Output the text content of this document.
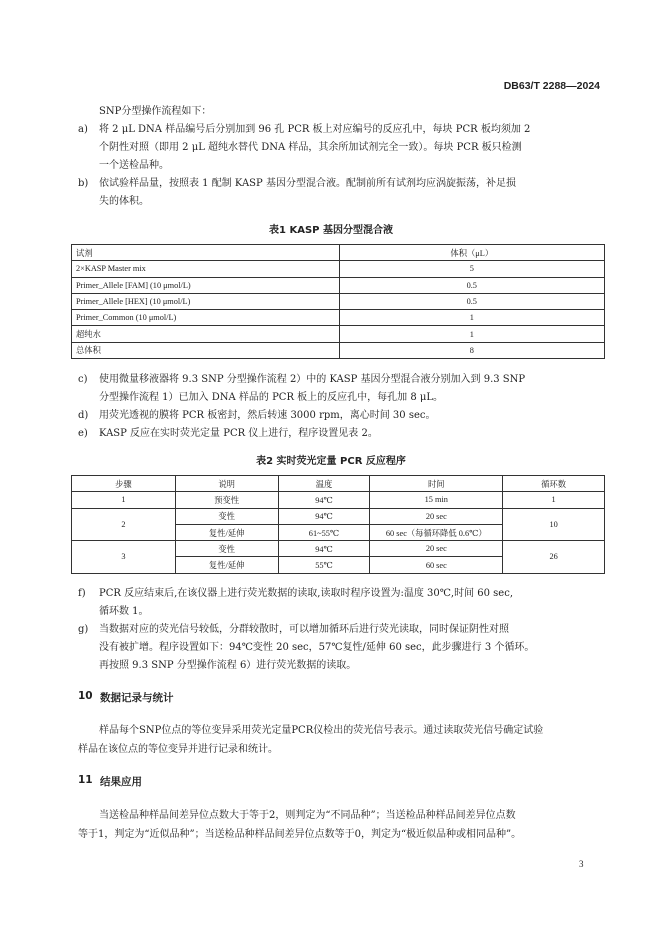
DB63/T 2288—2024
SNP分型操作流程如下：
a) 将 2 μL DNA 样品编号后分别加到 96 孔 PCR 板上对应编号的反应孔中，每块 PCR 板均须加 2
个阴性对照（即用 2 μL 超纯水替代 DNA 样品，其余所加试剂完全一致）。每块 PCR 板只检测
一个送检品种。
b) 依试验样品量，按照表 1 配制 KASP 基因分型混合液。配制前所有试剂均应涡旋振荡，补足损
失的体积。
表1 KASP 基因分型混合液
试剂	体积（μL）
2×KASP Master mix	5
Primer_Allele [FAM] (10 μmol/L)	0.5
Primer_Allele [HEX] (10 μmol/L)	0.5
Primer_Common (10 μmol/L)	1
超纯水	1
总体积	8
c) 使用微量移液器将 9.3 SNP 分型操作流程 2）中的 KASP 基因分型混合液分别加入到 9.3 SNP
分型操作流程 1）已加入 DNA 样品的 PCR 板上的反应孔中，每孔加 8 μL。
d) 用荧光透视的膜将 PCR 板密封，然后转速 3000 rpm，离心时间 30 sec。
e) KASP 反应在实时荧光定量 PCR 仪上进行，程序设置见表 2。
表2 实时荧光定量 PCR 反应程序
步骤	说明	温度	时间	循环数
1	预变性	94℃	15 min	1
2	变性	94℃	20 sec	10
	复性/延伸	61~55℃	60 sec（每循环降低 0.6℃）	
3	变性	94℃	20 sec	26
	复性/延伸	55℃	60 sec	
f) PCR 反应结束后,在该仪器上进行荧光数据的读取,读取时程序设置为:温度 30℃,时间 60 sec,
循环数 1。
g) 当数据对应的荧光信号较低，分群较散时，可以增加循环后进行荧光读取，同时保证阴性对照
没有被扩增。程序设置如下：94℃变性 20 sec，57℃复性/延伸 60 sec，此步骤进行 3 个循环。
再按照 9.3 SNP 分型操作流程 6）进行荧光数据的读取。
10 数据记录与统计
样品每个SNP位点的等位变异采用荧光定量PCR仪检出的荧光信号表示。通过读取荧光信号确定试验
样品在该位点的等位变异并进行记录和统计。
11 结果应用
当送检品种样品间差异位点数大于等于2，则判定为“不同品种”；当送检品种样品间差异位点数
等于1，判定为“近似品种”；当送检品种样品间差异位点数等于0，判定为“极近似品种或相同品种”。
3
